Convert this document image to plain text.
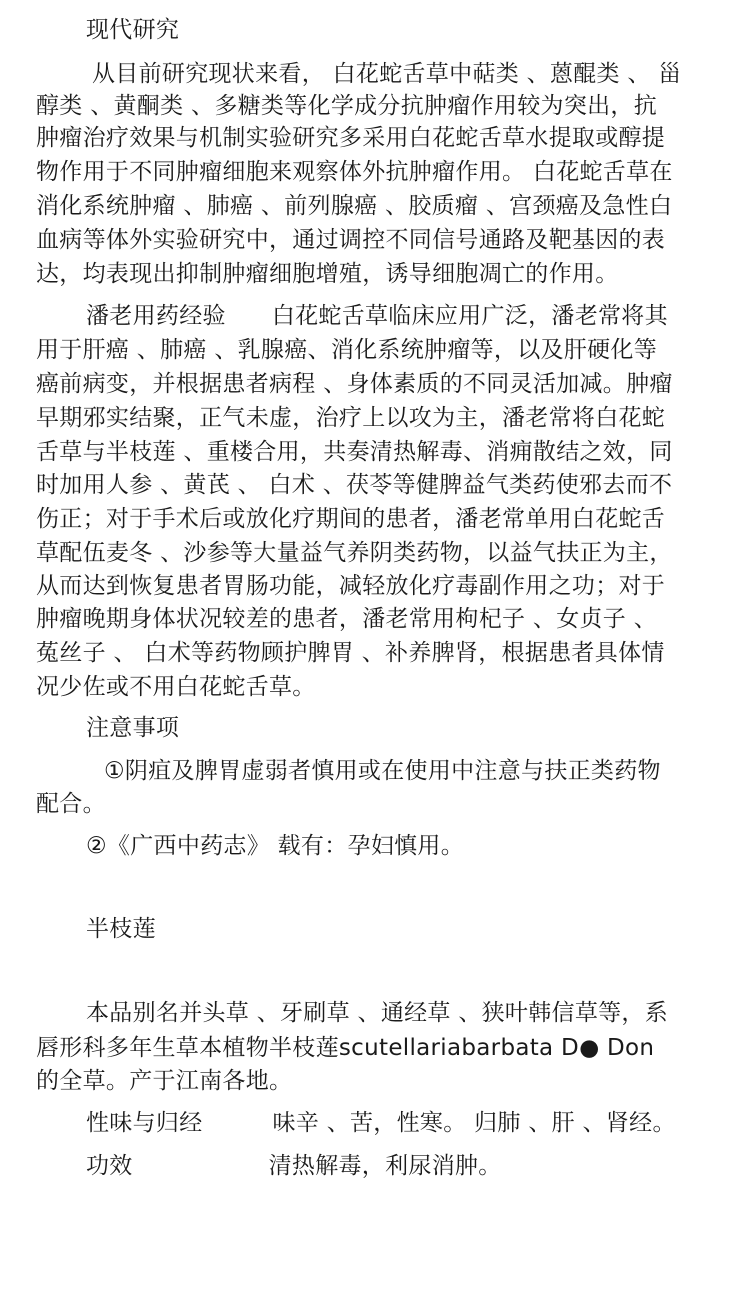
现代研究
从目前研究现状来看， 白花蛇舌草中萜类 、蒽醌类 、 甾
醇类 、黄酮类 、多糖类等化学成分抗肿瘤作用较为突出，抗
肿瘤治疗效果与机制实验研究多采用白花蛇舌草水提取或醇提
物作用于不同肿瘤细胞来观察体外抗肿瘤作用。 白花蛇舌草在
消化系统肿瘤 、肺癌 、前列腺癌 、胶质瘤 、宫颈癌及急性白
血病等体外实验研究中，通过调控不同信号通路及靶基因的表
达，均表现出抑制肿瘤细胞增殖，诱导细胞凋亡的作用。
潘老用药经验 白花蛇舌草临床应用广泛，潘老常将其
用于肝癌 、肺癌 、乳腺癌、消化系统肿瘤等，以及肝硬化等
癌前病变，并根据患者病程 、身体素质的不同灵活加减。肿瘤
早期邪实结聚，正气未虚，治疗上以攻为主，潘老常将白花蛇
舌草与半枝莲 、重楼合用，共奏清热解毒、消痈散结之效，同
时加用人参 、黄芪 、 白术 、茯苓等健脾益气类药使邪去而不
伤正；对于手术后或放化疗期间的患者，潘老常单用白花蛇舌
草配伍麦冬 、沙参等大量益气养阴类药物，以益气扶正为主，
从而达到恢复患者胃肠功能，减轻放化疗毒副作用之功；对于
肿瘤晚期身体状况较差的患者，潘老常用枸杞子 、女贞子 、
菟丝子 、 白术等药物顾护脾胃 、补养脾肾，根据患者具体情
况少佐或不用白花蛇舌草。
注意事项
①阴疽及脾胃虚弱者慎用或在使用中注意与扶正类药物
配合。
②《广西中药志》 载有：孕妇慎用。
半枝莲
本品别名并头草 、牙刷草 、通经草 、狭叶韩信草等，系
唇形科多年生草本植物半枝莲scutellariabarbata D● Don
的全草。产于江南各地。
性味与归经	味辛 、苦，性寒。 归肺 、肝 、肾经。
功效	清热解毒，利尿消肿。
